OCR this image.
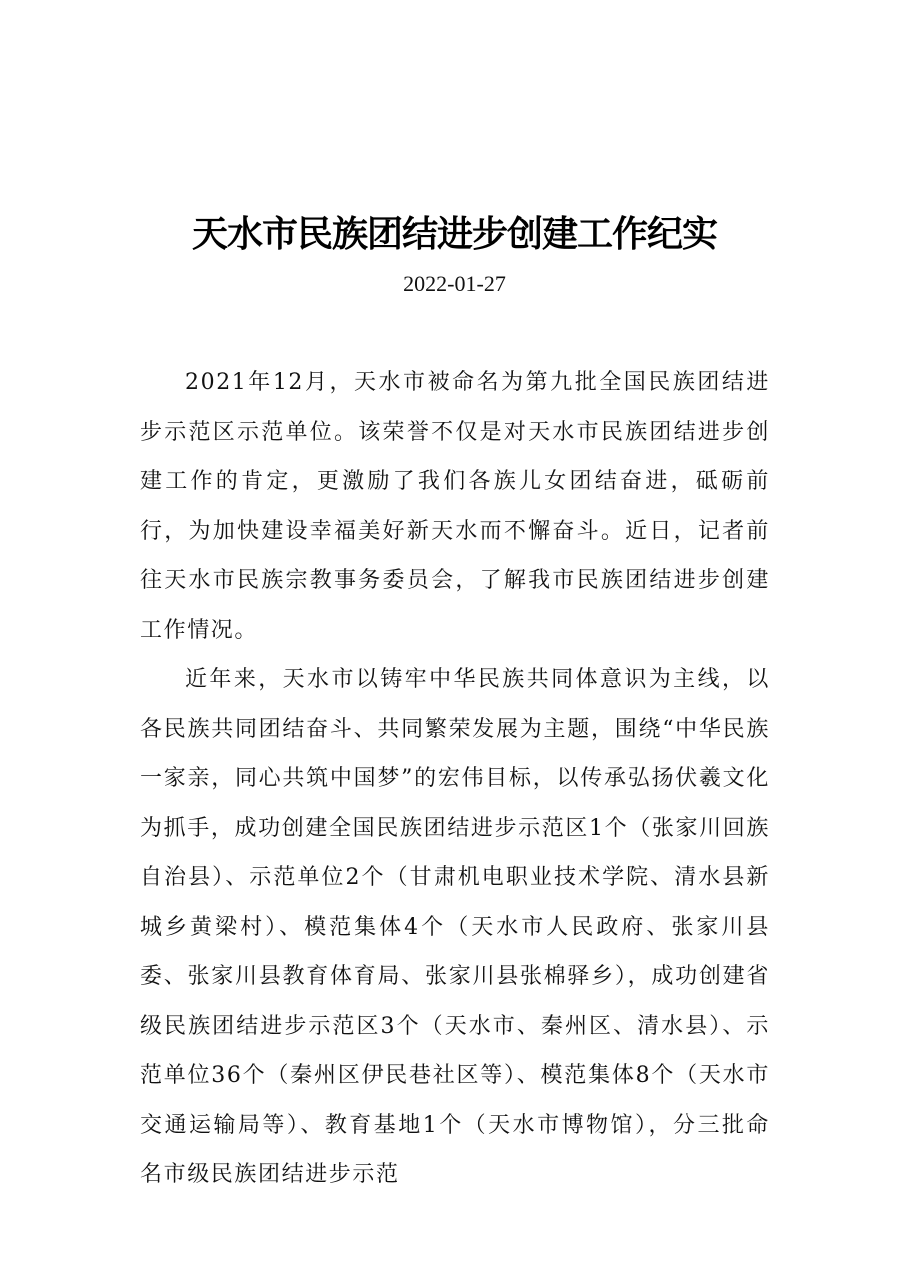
天水市民族团结进步创建工作纪实
2022-01-27

2021年12月，天水市被命名为第九批全国民族团结进步示范区示范单位。该荣誉不仅是对天水市民族团结进步创建工作的肯定，更激励了我们各族儿女团结奋进，砥砺前行，为加快建设幸福美好新天水而不懈奋斗。近日，记者前往天水市民族宗教事务委员会，了解我市民族团结进步创建工作情况。

近年来，天水市以铸牢中华民族共同体意识为主线，以各民族共同团结奋斗、共同繁荣发展为主题，围绕“中华民族一家亲，同心共筑中国梦”的宏伟目标，以传承弘扬伏羲文化为抓手，成功创建全国民族团结进步示范区1个（张家川回族自治县）、示范单位2个（甘肃机电职业技术学院、清水县新城乡黄梁村）、模范集体4个（天水市人民政府、张家川县委、张家川县教育体育局、张家川县张棉驿乡），成功创建省级民族团结进步示范区3个（天水市、秦州区、清水县）、示范单位36个（秦州区伊民巷社区等）、模范集体8个（天水市交通运输局等）、教育基地1个（天水市博物馆），分三批命名市级民族团结进步示范
